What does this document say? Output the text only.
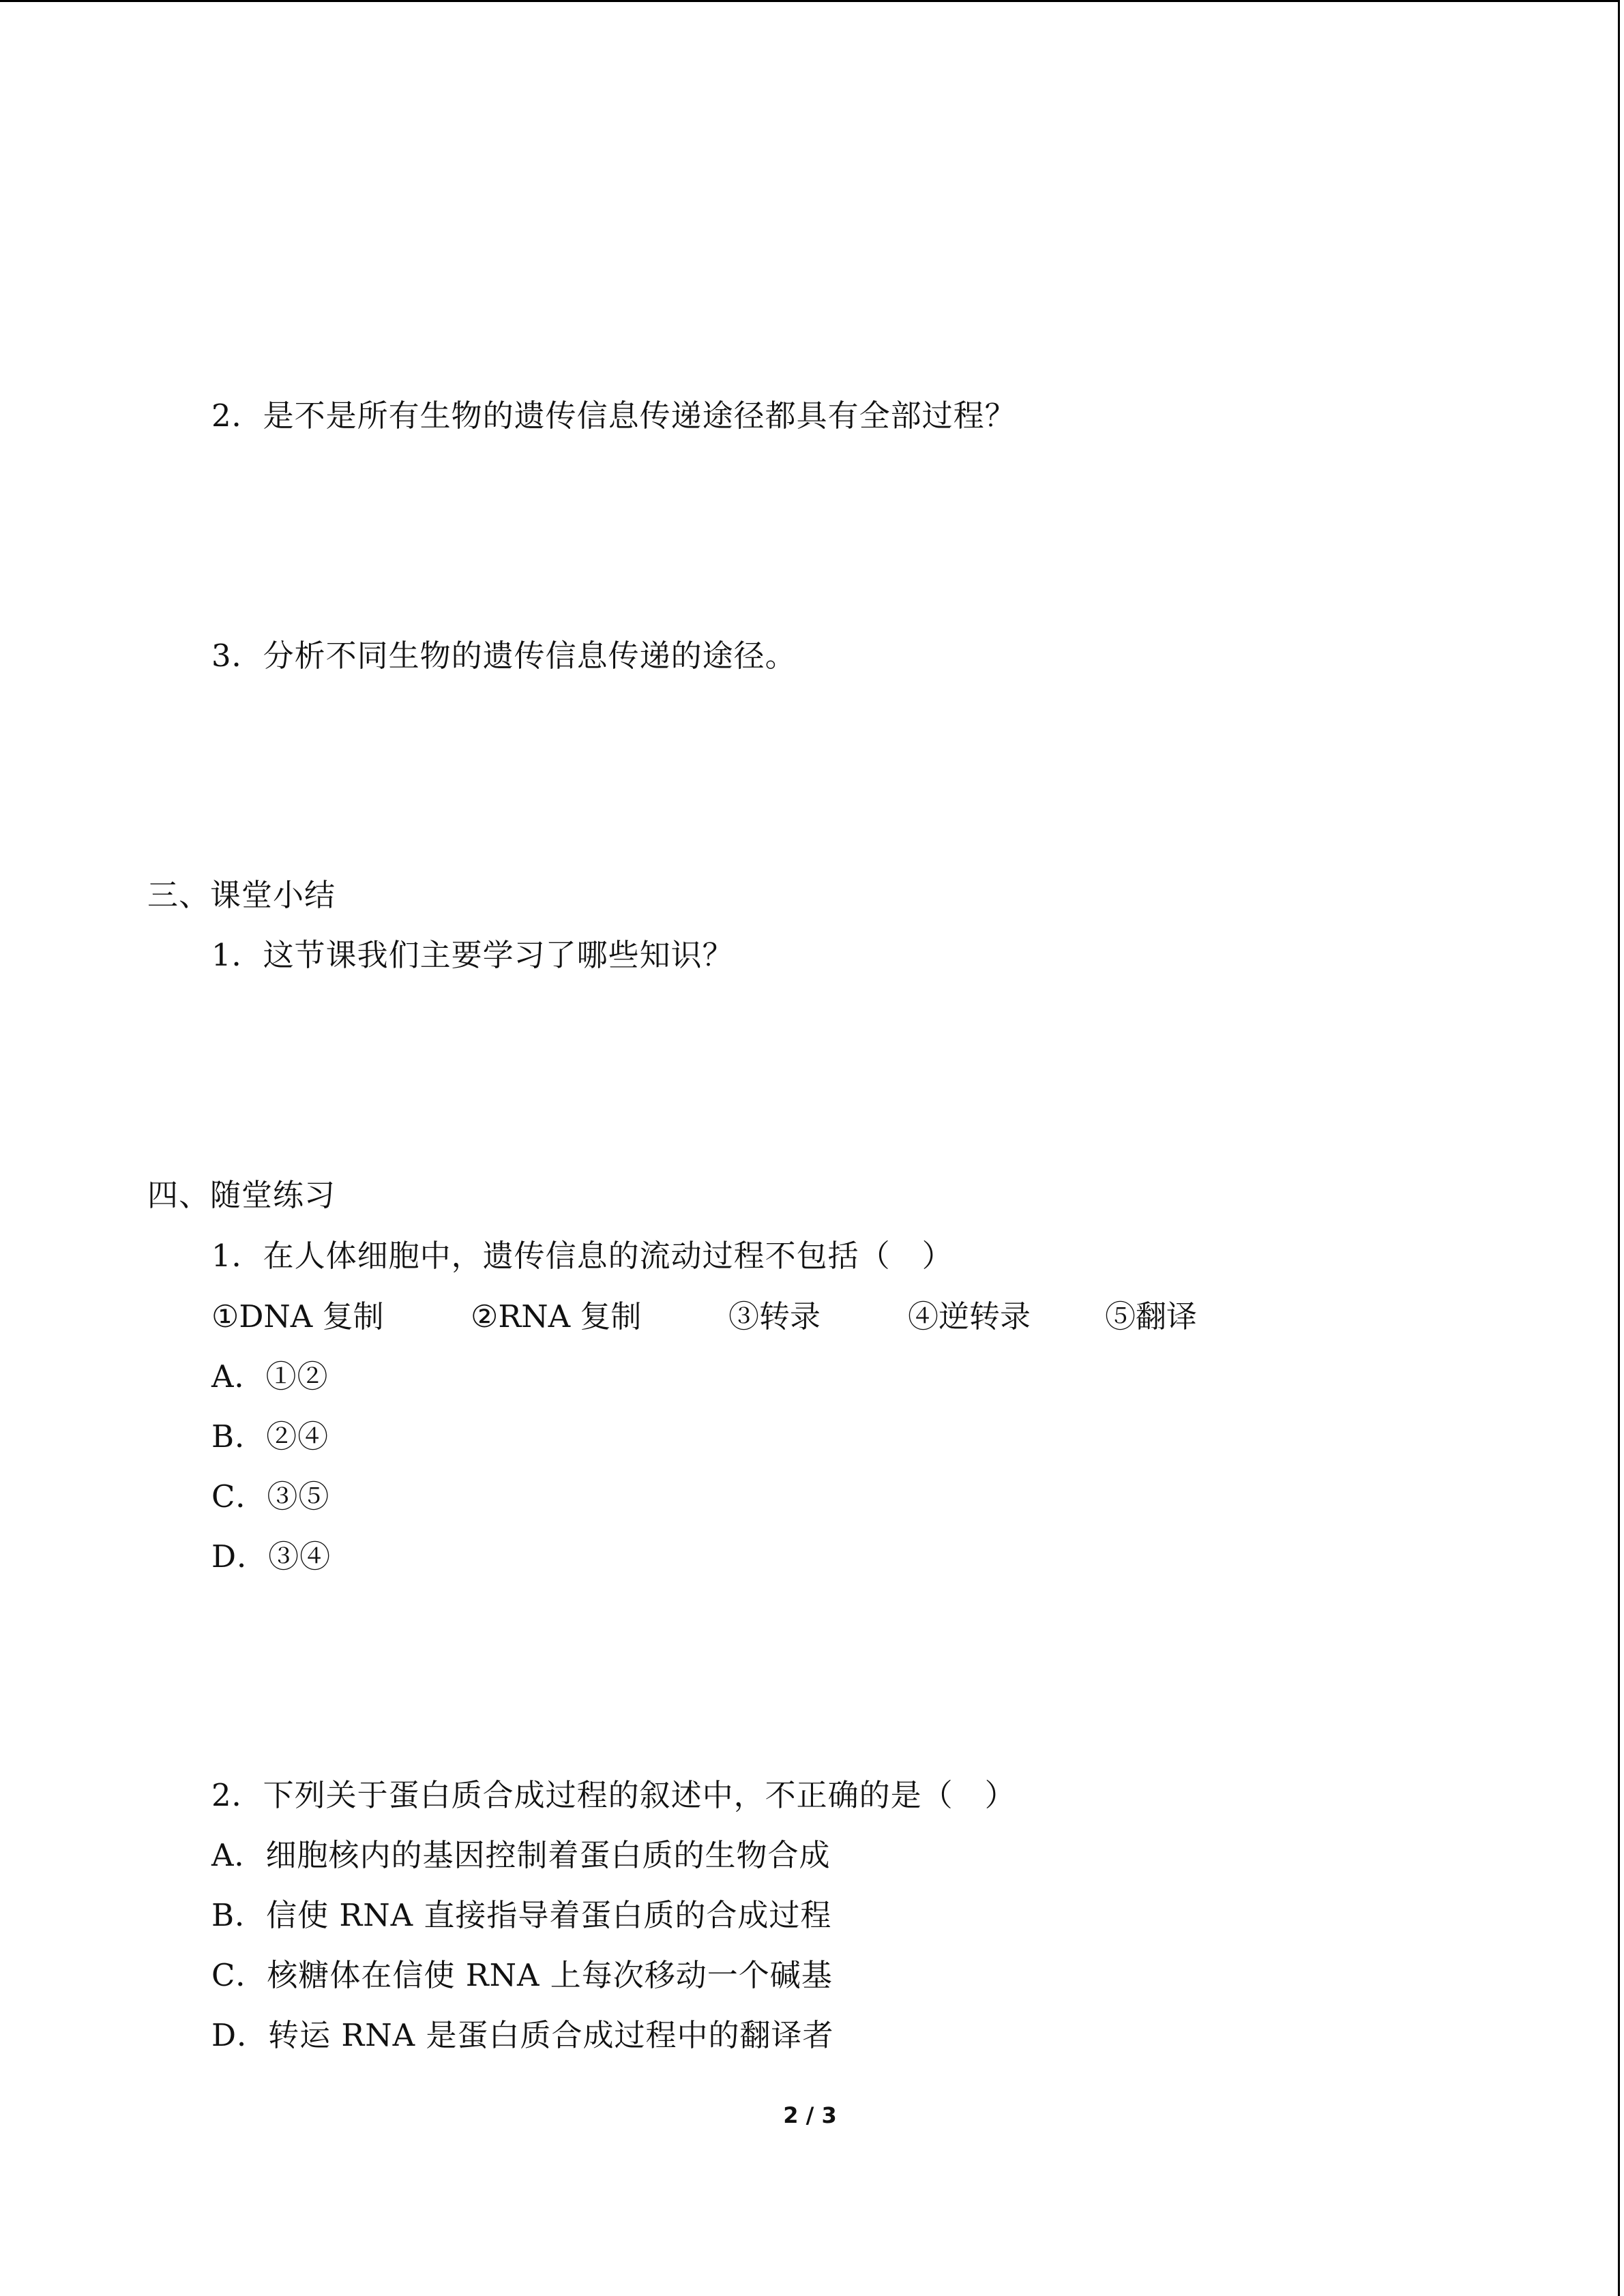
2．是不是所有生物的遗传信息传递途径都具有全部过程？
3．分析不同生物的遗传信息传递的途径。
三、课堂小结
1．这节课我们主要学习了哪些知识？
四、随堂练习
1．在人体细胞中，遗传信息的流动过程不包括（　）
①DNA 复制	②RNA 复制	③转录	④逆转录 ⑤翻译
A．①②
B．②④
C．③⑤
D．③④
2．下列关于蛋白质合成过程的叙述中，不正确的是（　）
A．细胞核内的基因控制着蛋白质的生物合成
B．信使 RNA 直接指导着蛋白质的合成过程
C．核糖体在信使 RNA 上每次移动一个碱基
D．转运 RNA 是蛋白质合成过程中的翻译者
2 / 3
